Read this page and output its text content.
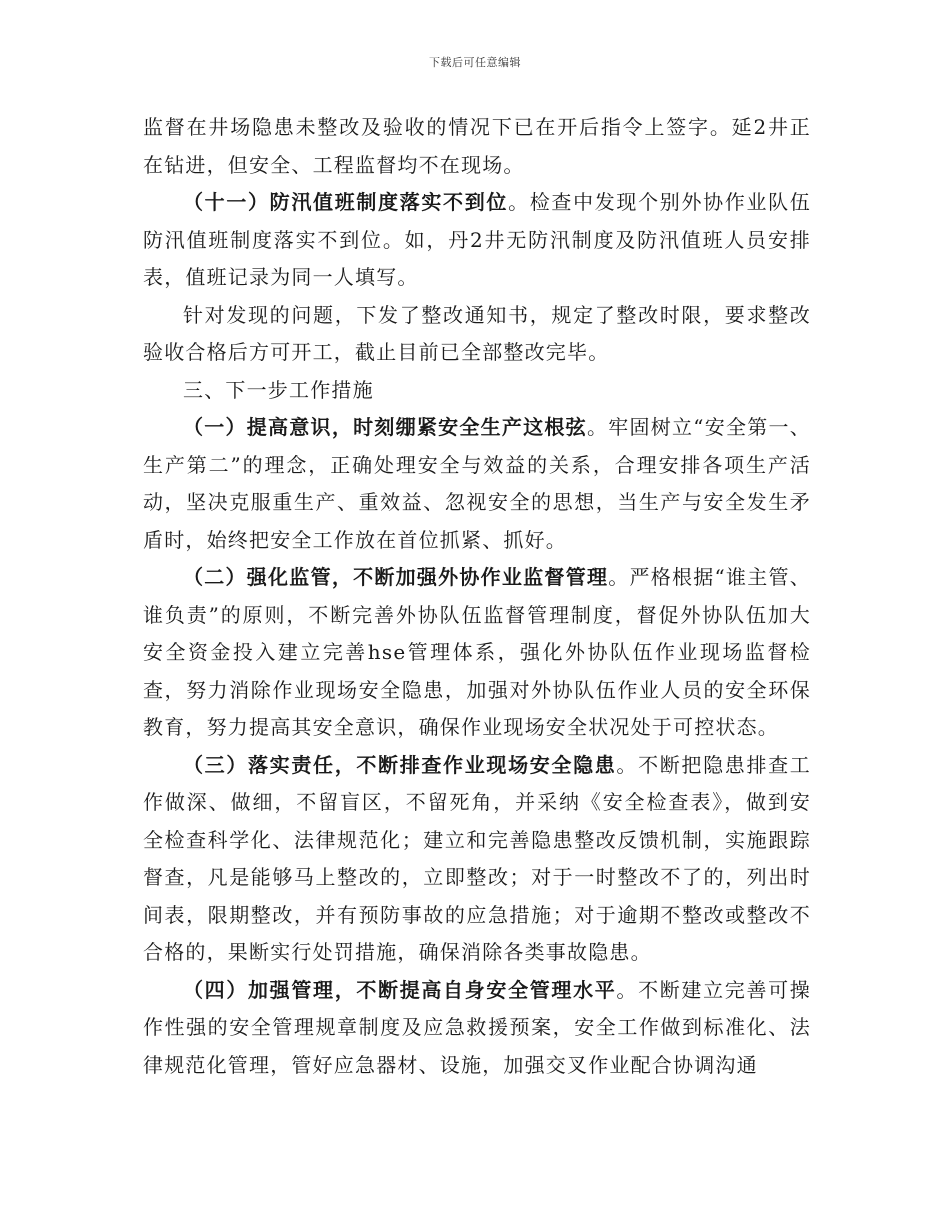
下载后可任意编辑

监督在井场隐患未整改及验收的情况下已在开后指令上签字。延2井正在钻进，但安全、工程监督均不在现场。

（十一）防汛值班制度落实不到位。检查中发现个别外协作业队伍防汛值班制度落实不到位。如，丹2井无防汛制度及防汛值班人员安排表，值班记录为同一人填写。

针对发现的问题，下发了整改通知书，规定了整改时限，要求整改验收合格后方可开工，截止目前已全部整改完毕。

三、下一步工作措施

（一）提高意识，时刻绷紧安全生产这根弦。牢固树立“安全第一、生产第二”的理念，正确处理安全与效益的关系，合理安排各项生产活动，坚决克服重生产、重效益、忽视安全的思想，当生产与安全发生矛盾时，始终把安全工作放在首位抓紧、抓好。

（二）强化监管，不断加强外协作业监督管理。严格根据“谁主管、谁负责”的原则，不断完善外协队伍监督管理制度，督促外协队伍加大安全资金投入建立完善hse管理体系，强化外协队伍作业现场监督检查，努力消除作业现场安全隐患，加强对外协队伍作业人员的安全环保教育，努力提高其安全意识，确保作业现场安全状况处于可控状态。

（三）落实责任，不断排查作业现场安全隐患。不断把隐患排查工作做深、做细，不留盲区，不留死角，并采纳《安全检查表》，做到安全检查科学化、法律规范化；建立和完善隐患整改反馈机制，实施跟踪督查，凡是能够马上整改的，立即整改；对于一时整改不了的，列出时间表，限期整改，并有预防事故的应急措施；对于逾期不整改或整改不合格的，果断实行处罚措施，确保消除各类事故隐患。

（四）加强管理，不断提高自身安全管理水平。不断建立完善可操作性强的安全管理规章制度及应急救援预案，安全工作做到标准化、法律规范化管理，管好应急器材、设施，加强交叉作业配合协调沟通
